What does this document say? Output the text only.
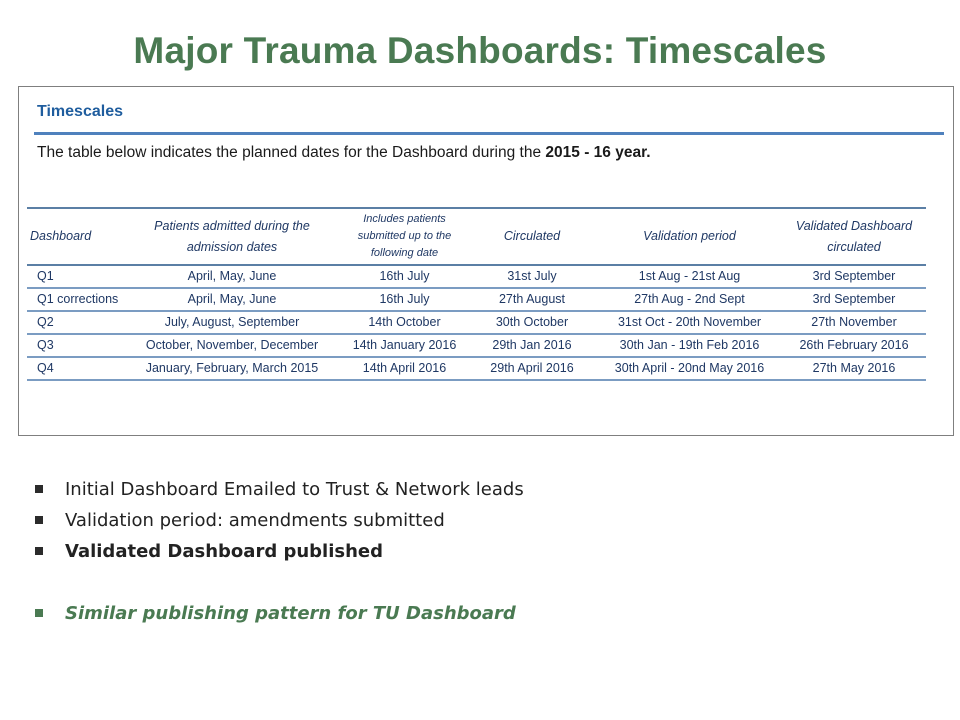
Major Trauma Dashboards: Timescales
Timescales
The table below indicates the planned dates for the Dashboard during the 2015 - 16 year.
Dashboard	Patients admitted during the admission dates	Includes patients submitted up to the following date	Circulated	Validation period	Validated Dashboard circulated
Q1	April, May, June	16th July	31st July	1st Aug - 21st Aug	3rd September
Q1 corrections	April, May, June	16th July	27th August	27th Aug - 2nd Sept	3rd September
Q2	July, August, September	14th October	30th October	31st Oct - 20th November	27th November
Q3	October, November, December	14th January 2016	29th Jan 2016	30th Jan - 19th Feb 2016	26th February 2016
Q4	January, February, March 2015	14th April 2016	29th April 2016	30th April - 20nd May 2016	27th May 2016
Initial Dashboard Emailed to Trust & Network leads
Validation period: amendments submitted
Validated Dashboard published
Similar publishing pattern for TU Dashboard
